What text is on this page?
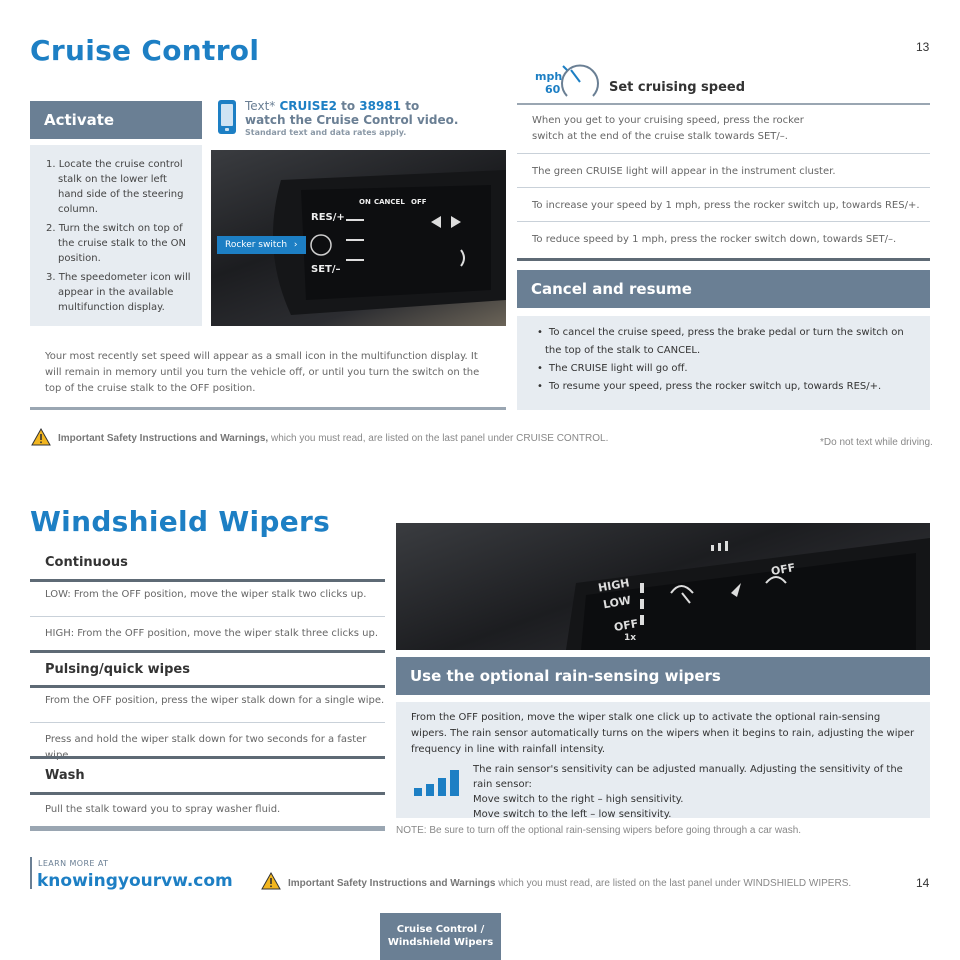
Cruise Control	13
Activate
Text* CRUISE2 to 38981 to
watch the Cruise Control video.
Standard text and data rates apply.
1. Locate the cruise control stalk on the lower left hand side of the steering column.
2. Turn the switch on top of the cruise stalk to the ON position.
3. The speedometer icon will appear in the available multifunction display.
ON CANCEL OFF
RES/+
SET/–
Rocker switch ›
Your most recently set speed will appear as a small icon in the multifunction display. It will remain in memory until you turn the vehicle off, or until you turn the switch on the top of the cruise stalk to the OFF position.
mph
60	Set cruising speed
When you get to your cruising speed, press the rocker switch at the end of the cruise stalk towards SET/–.
The green CRUISE light will appear in the instrument cluster.
To increase your speed by 1 mph, press the rocker switch up, towards RES/+.
To reduce speed by 1 mph, press the rocker switch down, towards SET/–.
Cancel and resume
• To cancel the cruise speed, press the brake pedal or turn the switch on the top of the stalk to CANCEL.
• The CRUISE light will go off.
• To resume your speed, press the rocker switch up, towards RES/+.
Important Safety Instructions and Warnings, which you must read, are listed on the last panel under CRUISE CONTROL.	*Do not text while driving.
Windshield Wipers
Continuous
LOW: From the OFF position, move the wiper stalk two clicks up.
HIGH: From the OFF position, move the wiper stalk three clicks up.
Pulsing/quick wipes
From the OFF position, press the wiper stalk down for a single wipe.
Press and hold the wiper stalk down for two seconds for a faster
Wash
Pull the stalk toward you to spray washer fluid.
HIGH
LOW
OFF
1x
OFF
Use the optional rain-sensing wipers
From the OFF position, move the wiper stalk one click up to activate the optional rain-sensing wipers. The rain sensor automatically turns on the wipers when it begins to rain, adjusting the wiper frequency in line with rainfall intensity.
The rain sensor's sensitivity can be adjusted manually. Adjusting the sensitivity of the rain sensor:
Move switch to the right – high sensitivity.
Move switch to the left – low sensitivity.
NOTE: Be sure to turn off the optional rain-sensing wipers before going through a car wash.
LEARN MORE AT
knowingyourvw.com	Important Safety Instructions and Warnings which you must read, are listed on the last panel under WINDSHIELD WIPERS.	14
Cruise Control /
Windshield Wipers
